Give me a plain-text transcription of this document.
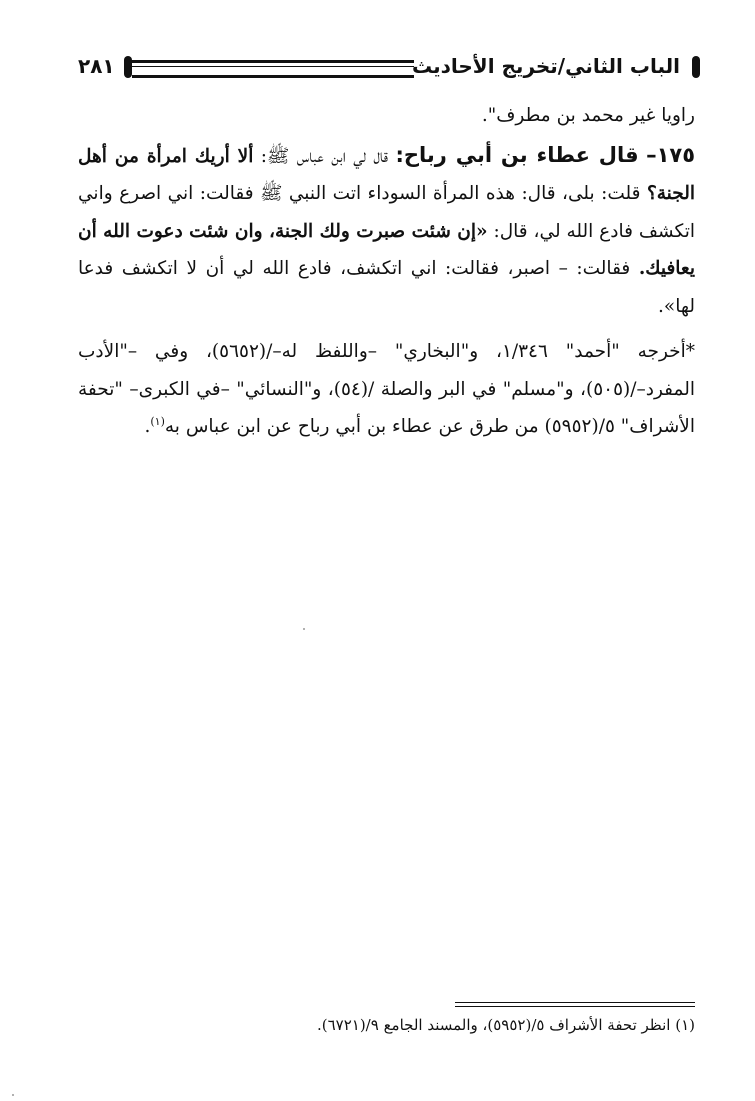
الباب الثاني/تخريج الأحاديث
٢٨١

راويا غير محمد بن مطرف".

١٧٥– قال عطاء بن أبي رباح: قال لي ابن عباس ﷺ: ألا أريك امرأة من أهل الجنة؟ قلت: بلى، قال: هذه المرأة السوداء اتت النبي ﷺ فقالت: اني اصرع واني اتكشف فادع الله لي، قال: «إن شئت صبرت ولك الجنة، وان شئت دعوت الله أن يعافيك. فقالت: – اصبر، فقالت: اني اتكشف، فادع الله لي أن لا اتكشف فدعا لها».

*أخرجه "أحمد" ١/٣٤٦، و"البخاري" –واللفظ له–/(٥٦٥٢)، وفي –"الأدب المفرد–/(٥٠٥)، و"مسلم" في البر والصلة /(٥٤)، و"النسائي" –في الكبرى– "تحفة الأشراف" ٥/(٥٩٥٢) من طرق عن عطاء بن أبي رباح عن ابن عباس به$^{(١)}$.

(١) انظر تحفة الأشراف ٥/(٥٩٥٢)، والمسند الجامع ٩/(٦٧٢١).
